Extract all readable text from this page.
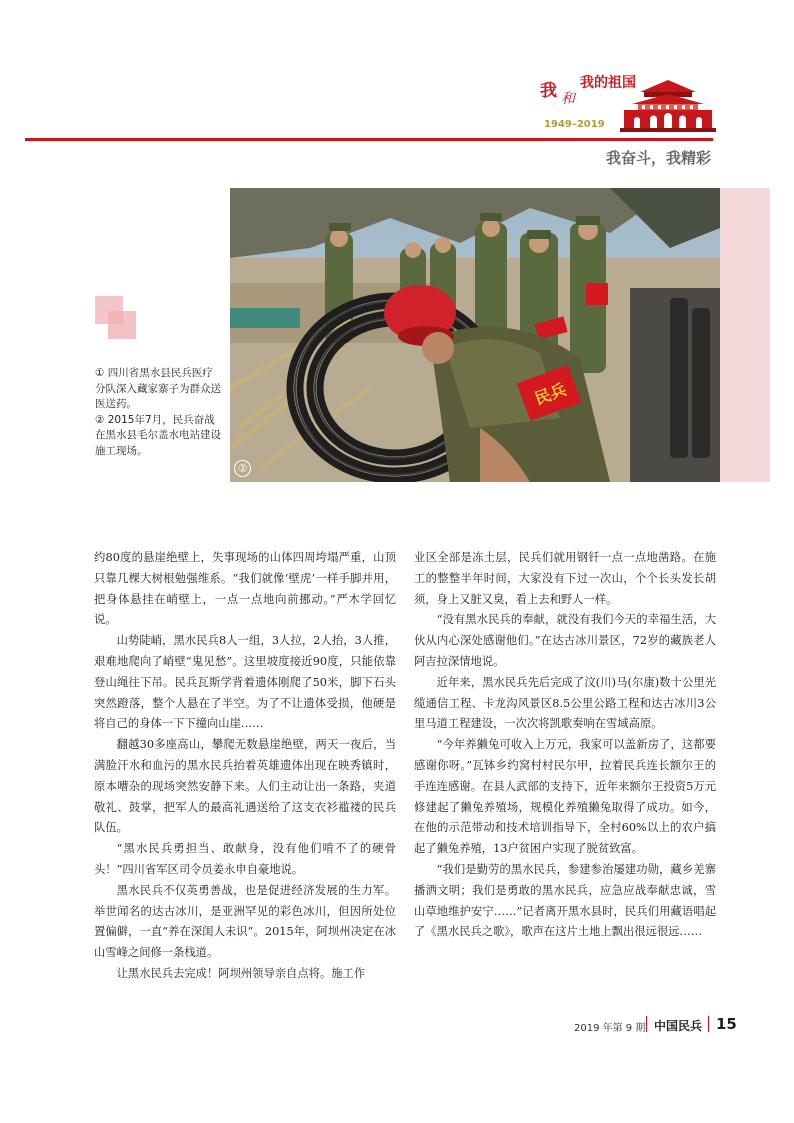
我 和
我的祖国
1949–2019
我奋斗，我精彩
民兵
②
① 四川省黑水县民兵医疗分队深入藏家寨子为群众送医送药。
② 2015年7月，民兵奋战在黑水县毛尔盖水电站建设施工现场。

约80度的悬崖绝壁上，失事现场的山体四周垮塌严重，山顶只靠几棵大树根勉强维系。“我们就像‘壁虎’一样手脚并用，把身体悬挂在峭壁上，一点一点地向前挪动。”严木学回忆说。

山势陡峭，黑水民兵8人一组，3人拉，2人抬，3人推，艰难地爬向了峭壁“鬼见愁”。这里坡度接近90度，只能依靠登山绳往下吊。民兵瓦斯学背着遗体刚爬了50米，脚下石头突然蹬落，整个人悬在了半空。为了不让遗体受损，他硬是将自己的身体一下下撞向山崖……

翻越30多座高山，攀爬无数悬崖绝壁，两天一夜后，当满脸汗水和血污的黑水民兵抬着英雄遗体出现在映秀镇时，原本嘈杂的现场突然安静下来。人们主动让出一条路，夹道敬礼、鼓掌，把军人的最高礼遇送给了这支衣衫褴褛的民兵队伍。

“黑水民兵勇担当、敢献身，没有他们啃不了的硬骨头！”四川省军区司令员姜永申自豪地说。

黑水民兵不仅英勇善战，也是促进经济发展的生力军。举世闻名的达古冰川，是亚洲罕见的彩色冰川，但因所处位置偏僻，一直“养在深闺人未识”。2015年，阿坝州决定在冰山雪峰之间修一条栈道。

让黑水民兵去完成！阿坝州领导亲自点将。施工作

业区全部是冻土层，民兵们就用钢钎一点一点地凿路。在施工的整整半年时间，大家没有下过一次山，个个长头发长胡须，身上又脏又臭，看上去和野人一样。

“没有黑水民兵的奉献，就没有我们今天的幸福生活，大伙从内心深处感谢他们。”在达古冰川景区，72岁的藏族老人阿吉拉深情地说。

近年来，黑水民兵先后完成了汶(川)马(尔康)数十公里光缆通信工程、卡龙沟风景区8.5公里公路工程和达古冰川3公里马道工程建设，一次次将凯歌奏响在雪域高原。

“今年养獭兔可收入上万元，我家可以盖新房了，这都要感谢你呀。”瓦钵乡约窝村村民尔甲，拉着民兵连长额尔王的手连连感谢。在县人武部的支持下，近年来额尔王投资5万元修建起了獭兔养殖场，规模化养殖獭兔取得了成功。如今，在他的示范带动和技术培训指导下，全村60%以上的农户搞起了獭兔养殖，13户贫困户实现了脱贫致富。

“我们是勤劳的黑水民兵，参建参治屡建功勋，藏乡羌寨播洒文明；我们是勇敢的黑水民兵，应急应战奉献忠诚，雪山草地维护安宁……”记者离开黑水县时，民兵们用藏语唱起了《黑水民兵之歌》，歌声在这片土地上飘出很远很远……

2019 年第 9 期 中国民兵 15
